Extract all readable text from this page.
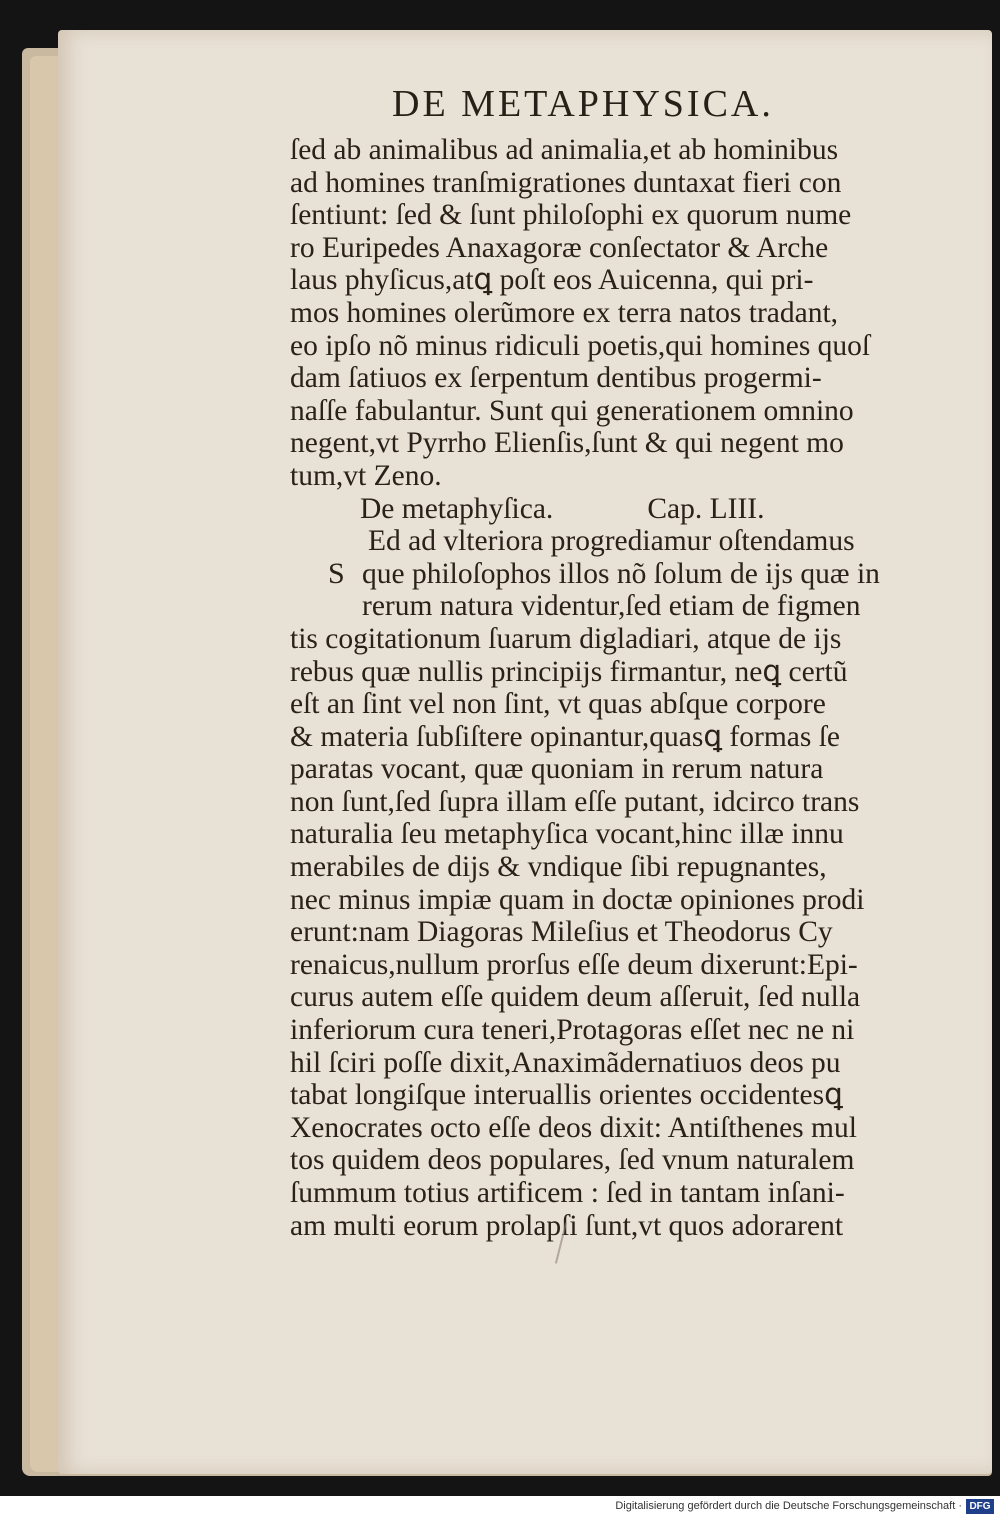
DE METAPHYSICA.
ſed ab animalibus ad animalia,et ab hominibus
ad homines tranſmigrationes duntaxat fieri con
ſentiunt: ſed & ſunt philoſophi ex quorum nume
ro Euripedes Anaxagoræ conſectator & Arche
laus phyſicus,atꝗ poſt eos Auicenna, qui pri-
mos homines olerũmore ex terra natos tradant,
eo ipſo nõ minus ridiculi poetis,qui homines quoſ
dam ſatiuos ex ſerpentum dentibus progermi-
naſſe fabulantur. Sunt qui generationem omnino
negent,vt Pyrrho Elienſis,ſunt & qui negent mo
tum,vt Zeno.
De metaphyſica.	Cap. LIII.
Ed ad vlteriora progrediamur oſtendamus
S que philoſophos illos nõ ſolum de ijs quæ in
rerum natura videntur,ſed etiam de figmen
tis cogitationum ſuarum digladiari, atque de ijs
rebus quæ nullis principijs firmantur, neꝗ certũ
eſt an ſint vel non ſint, vt quas abſque corpore
& materia ſubſiſtere opinantur,quasꝗ formas ſe
paratas vocant, quæ quoniam in rerum natura
non ſunt,ſed ſupra illam eſſe putant, idcirco trans
naturalia ſeu metaphyſica vocant,hinc illæ innu
merabiles de dijs & vndique ſibi repugnantes,
nec minus impiæ quam in doctæ opiniones prodi
erunt:nam Diagoras Mileſius et Theodorus Cy
renaicus,nullum prorſus eſſe deum dixerunt:Epi-
curus autem eſſe quidem deum aſſeruit, ſed nulla
inferiorum cura teneri,Protagoras eſſet nec ne ni
hil ſciri poſſe dixit,Anaximãdernatiuos deos pu
tabat longiſque interuallis orientes occidentesꝗ
Xenocrates octo eſſe deos dixit: Antiſthenes mul
tos quidem deos populares, ſed vnum naturalem
ſummum totius artificem : ſed in tantam inſani-
am multi eorum prolapſi ſunt,vt quos adorarent
Digitalisierung gefördert durch die Deutsche Forschungsgemeinschaft · DFG
